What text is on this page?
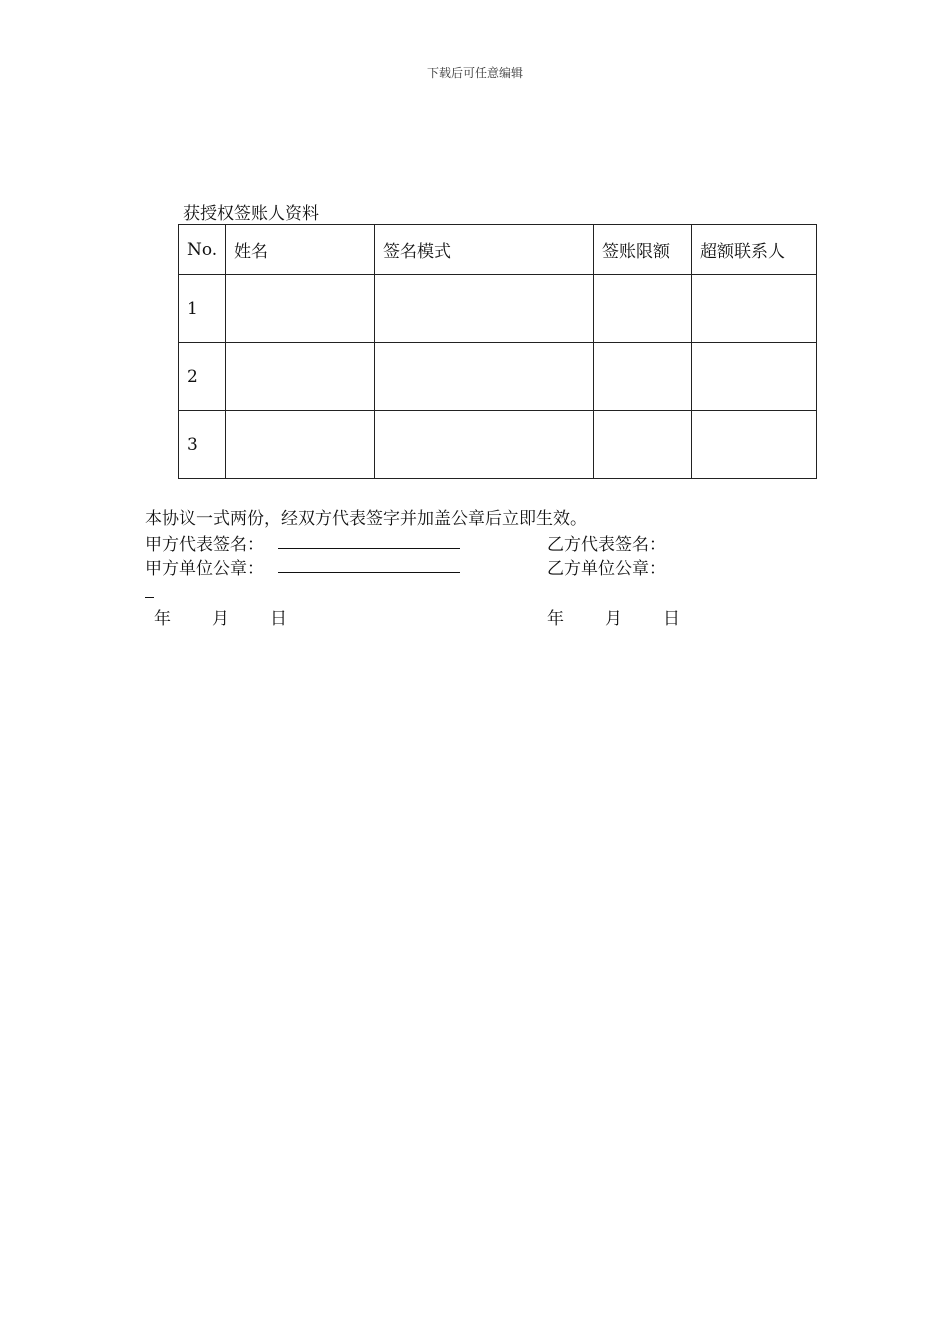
下载后可任意编辑
获授权签账人资料
No.	姓名	签名模式	签账限额	超额联系人
1				
2				
3				
本协议一式两份，经双方代表签字并加盖公章后立即生效。
甲方代表签名：	乙方代表签名：
甲方单位公章：	乙方单位公章：
年 月 日	年 月 日
